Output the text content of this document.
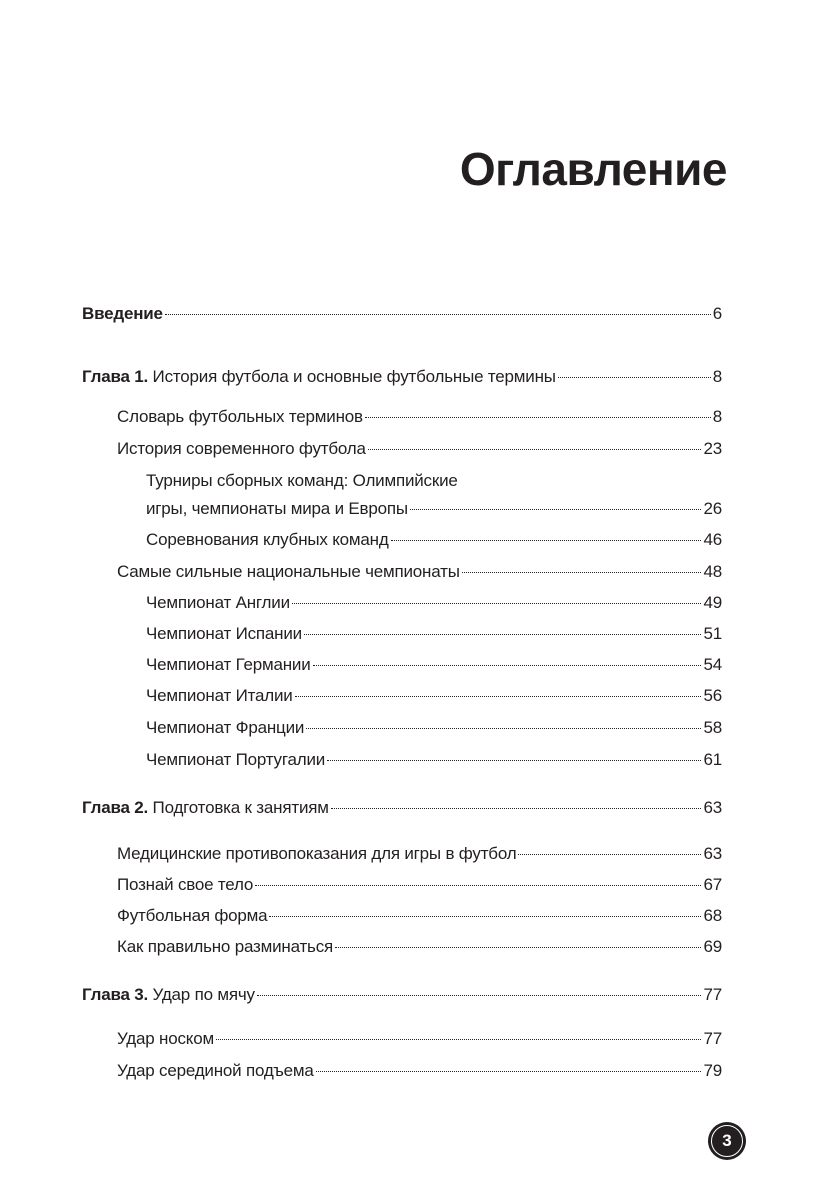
Оглавление
Введение	6
Глава 1. История футбола и основные футбольные термины	8
Словарь футбольных терминов	8
История современного футбола	23
Турниры сборных команд: Олимпийские
игры, чемпионаты мира и Европы	26
Соревнования клубных команд	46
Самые сильные национальные чемпионаты	48
Чемпионат Англии	49
Чемпионат Испании	51
Чемпионат Германии	54
Чемпионат Италии	56
Чемпионат Франции	58
Чемпионат Португалии	61
Глава 2. Подготовка к занятиям	63
Медицинские противопоказания для игры в футбол	63
Познай свое тело	67
Футбольная форма	68
Как правильно разминаться	69
Глава 3. Удар по мячу	77
Удар носком	77
Удар серединой подъема	79
3
